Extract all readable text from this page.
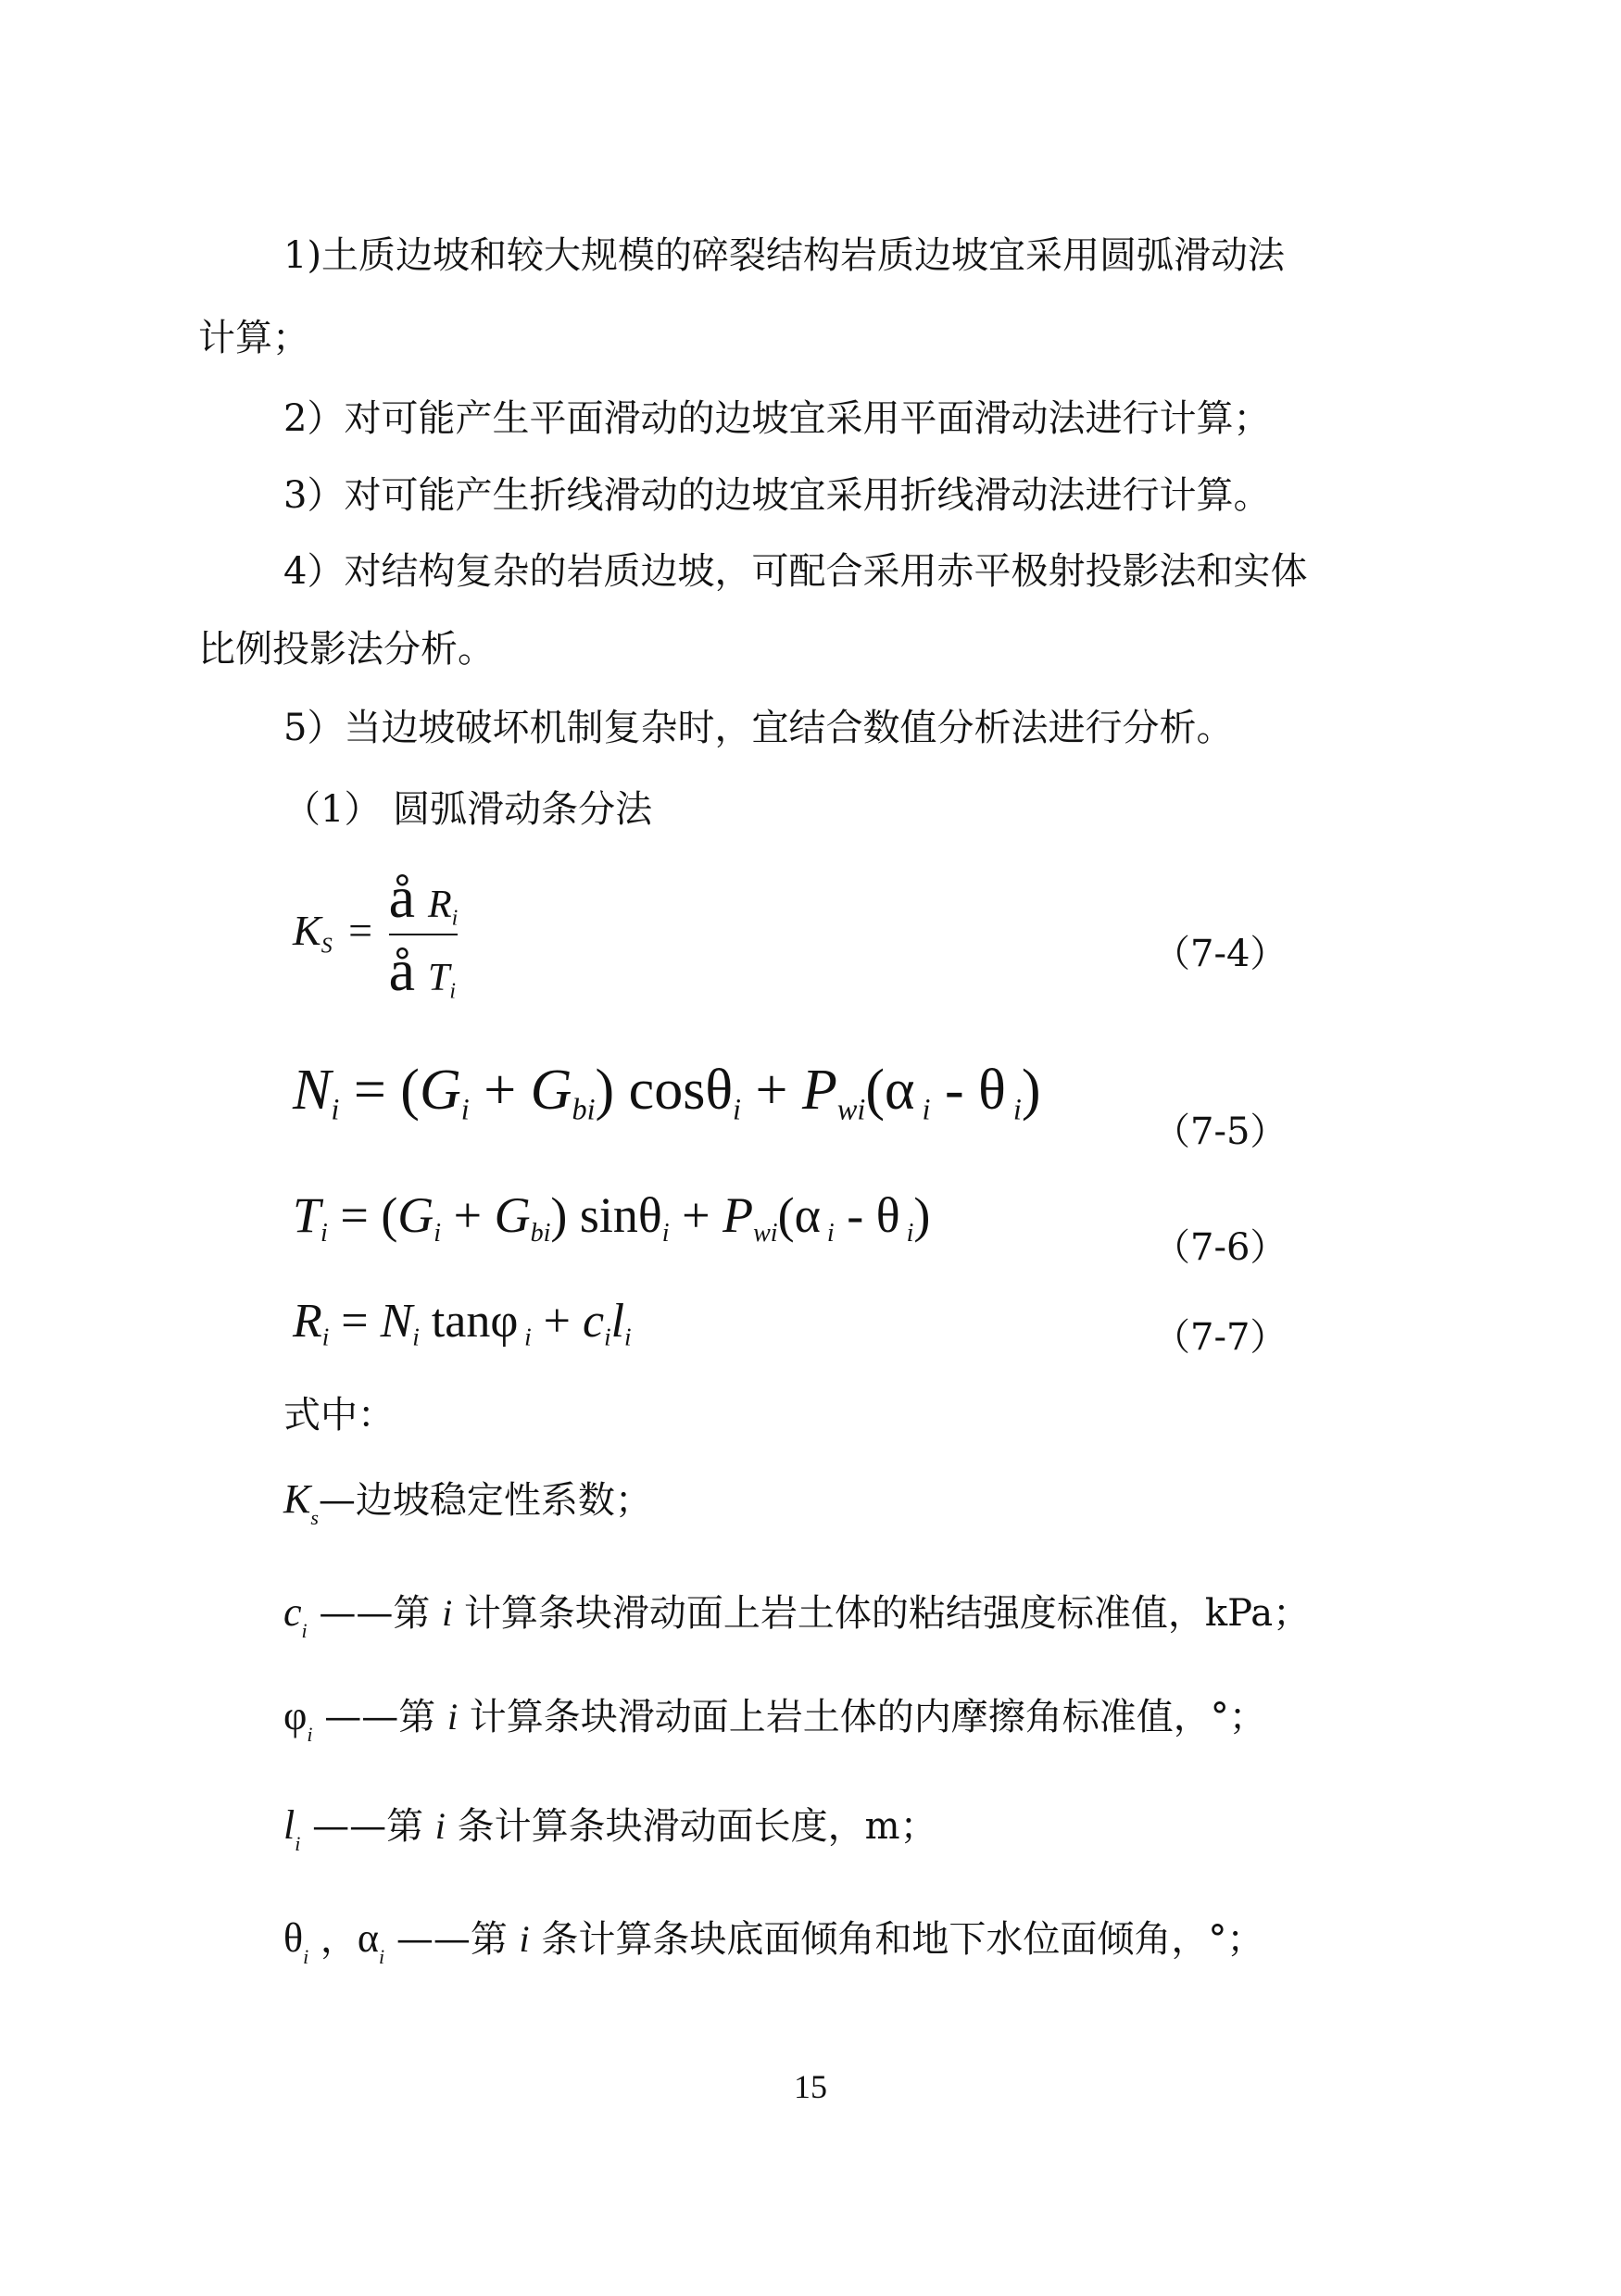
1)土质边坡和较大规模的碎裂结构岩质边坡宜采用圆弧滑动法

计算；

2）对可能产生平面滑动的边坡宜采用平面滑动法进行计算；

3）对可能产生折线滑动的边坡宜采用折线滑动法进行计算。

4）对结构复杂的岩质边坡，可配合采用赤平极射投影法和实体

比例投影法分析。

5）当边坡破坏机制复杂时，宜结合数值分析法进行分析。

（1） 圆弧滑动条分法

$K_S = \frac{å R_i}{å T_i}$	（7-4）
$N_i = (G_i + G_{bi}) \cos\theta_i + P_{wi}(\alpha$ $_i$ - θ $_i$)
（7-5）
$T_i = (G_i + G_{bi}) \sin\theta_i + P_{wi}(\alpha$ $_i$ - θ $_i$)
（7-6）
$R_i = N_i$ tanφ $_i + c_il_i$	（7-7）

式中：

$K_s—$边坡稳定性系数；
$c_i$ ——第 i 计算条块滑动面上岩土体的粘结强度标准值，kPa；
$\varphi_i$ ——第 i 计算条块滑动面上岩土体的内摩擦角标准值，°；
$l_i$ ——第 i 条计算条块滑动面长度，m；
$\theta_i$ ，$\alpha_i$ ——第 i 条计算条块底面倾角和地下水位面倾角，°；
15
